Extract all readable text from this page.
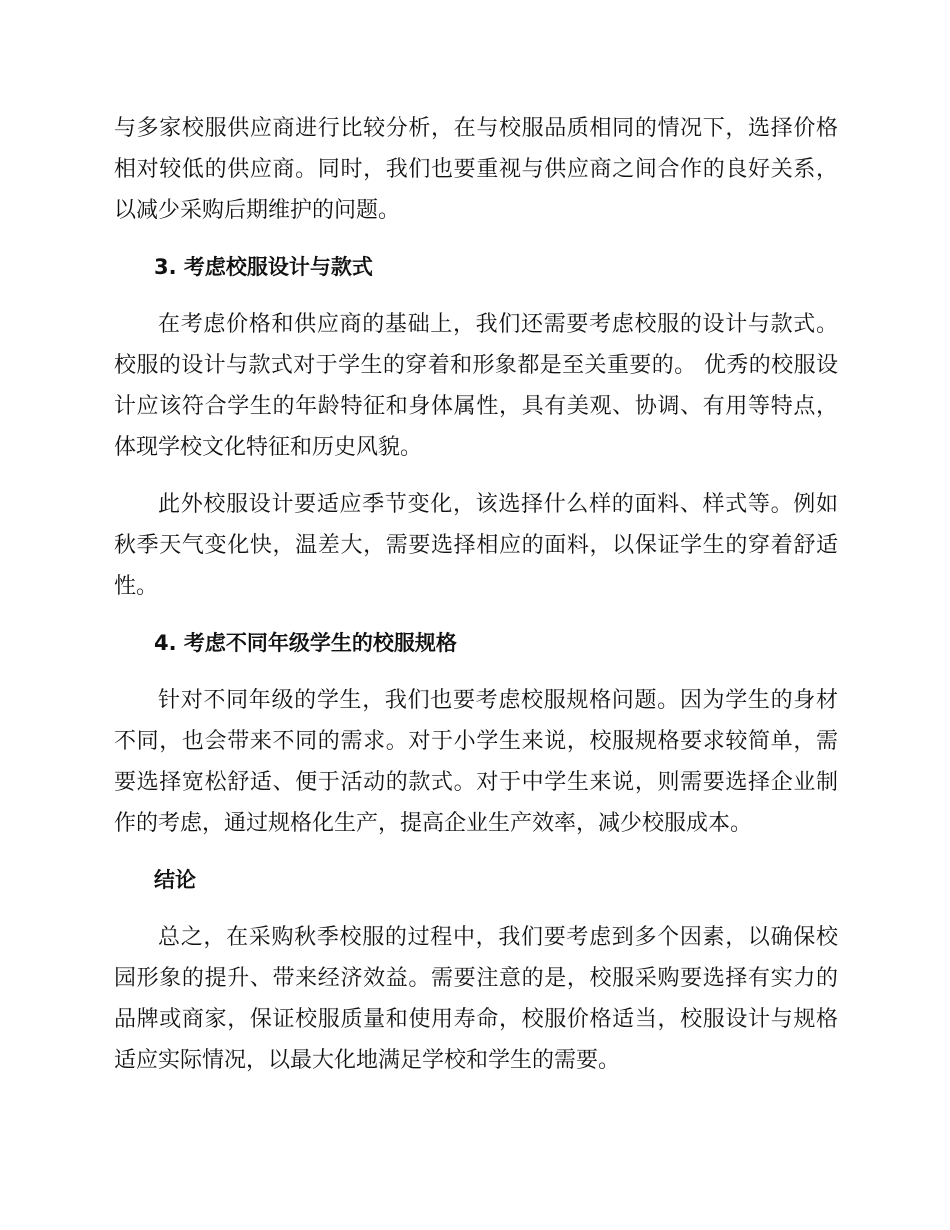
与多家校服供应商进行比较分析，在与校服品质相同的情况下，选择价格相对较低的供应商。同时，我们也要重视与供应商之间合作的良好关系，以减少采购后期维护的问题。

3. 考虑校服设计与款式

在考虑价格和供应商的基础上，我们还需要考虑校服的设计与款式。校服的设计与款式对于学生的穿着和形象都是至关重要的。 优秀的校服设计应该符合学生的年龄特征和身体属性，具有美观、协调、有用等特点，体现学校文化特征和历史风貌。

此外校服设计要适应季节变化，该选择什么样的面料、样式等。例如秋季天气变化快，温差大，需要选择相应的面料，以保证学生的穿着舒适性。

4. 考虑不同年级学生的校服规格

针对不同年级的学生，我们也要考虑校服规格问题。因为学生的身材不同，也会带来不同的需求。对于小学生来说，校服规格要求较简单，需要选择宽松舒适、便于活动的款式。对于中学生来说，则需要选择企业制作的考虑，通过规格化生产，提高企业生产效率，减少校服成本。

结论

总之，在采购秋季校服的过程中，我们要考虑到多个因素，以确保校园形象的提升、带来经济效益。需要注意的是，校服采购要选择有实力的品牌或商家，保证校服质量和使用寿命，校服价格适当，校服设计与规格适应实际情况，以最大化地满足学校和学生的需要。
